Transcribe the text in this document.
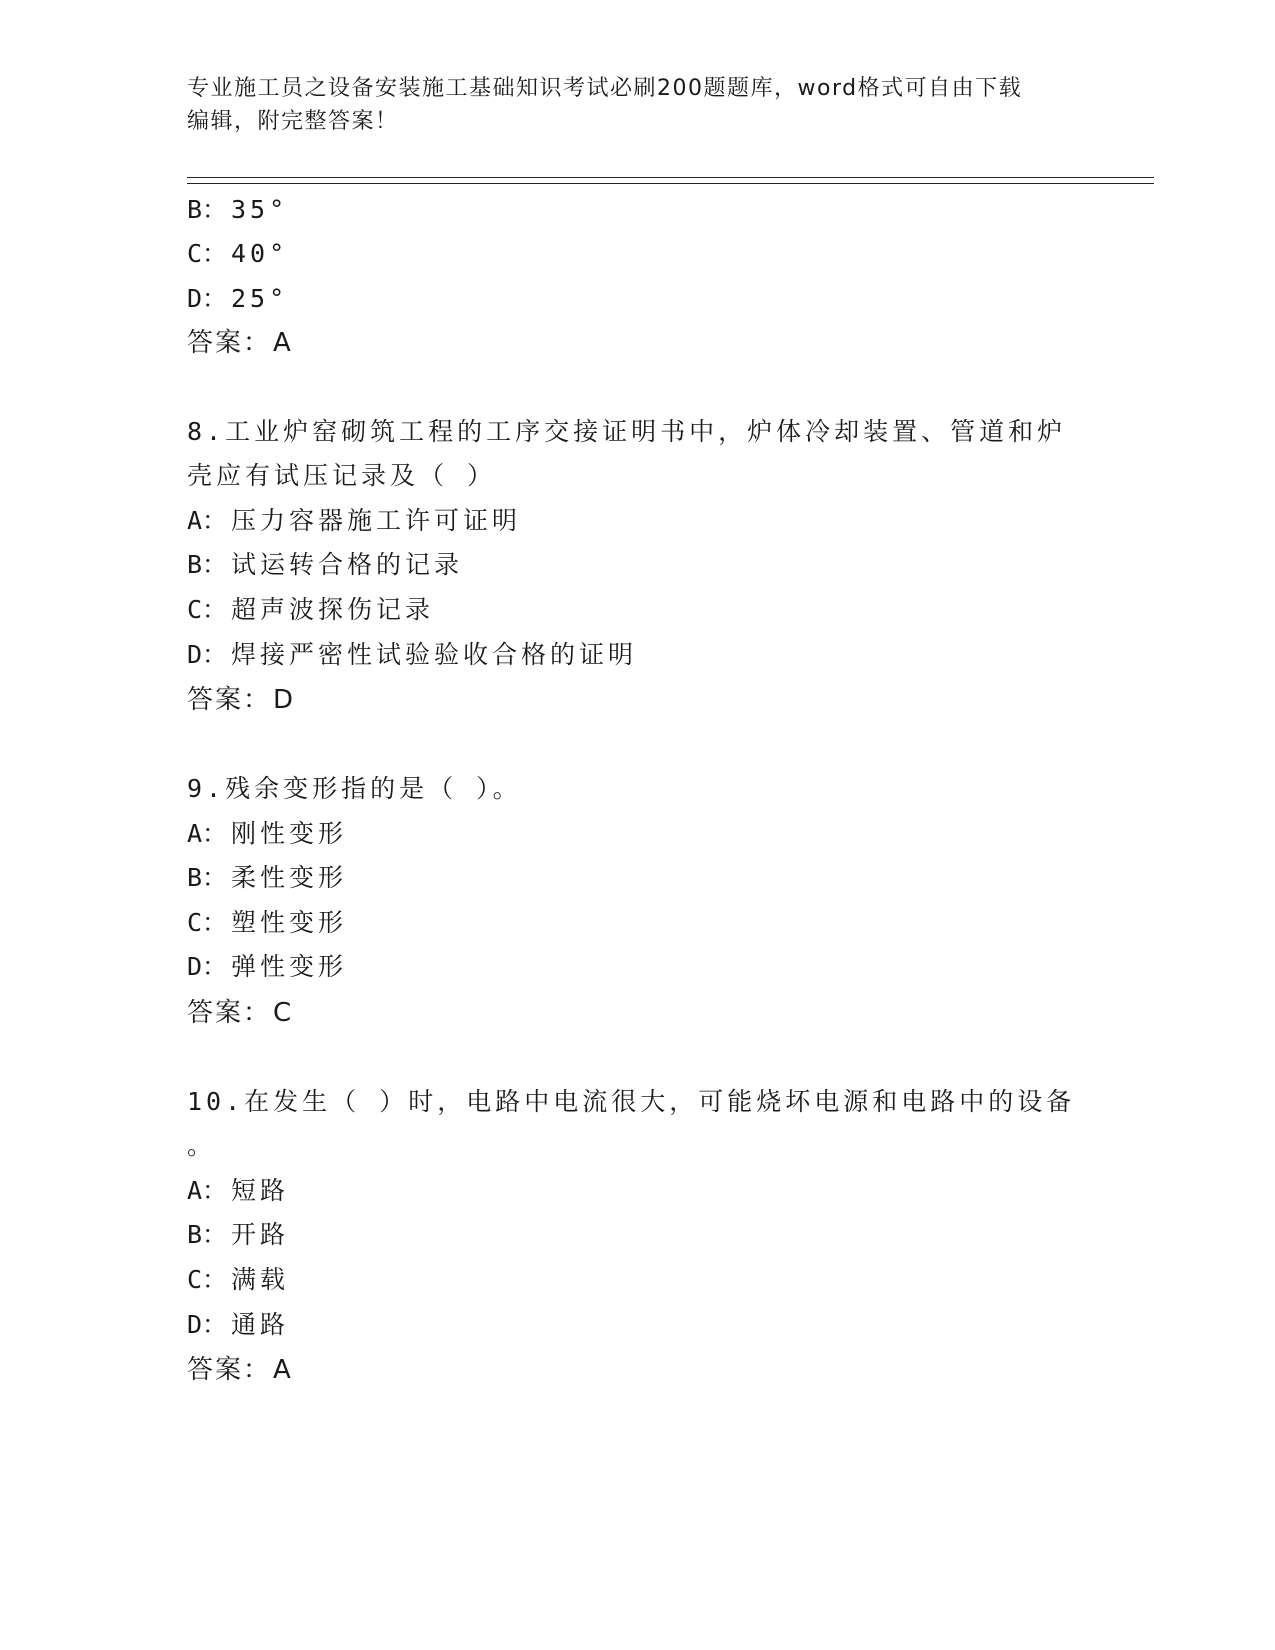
专业施工员之设备安装施工基础知识考试必刷200题题库，word格式可自由下载
编辑，附完整答案！
B： 35°
C： 40°
D： 25°
答案：A
8.工业炉窑砌筑工程的工序交接证明书中，炉体冷却装置、管道和炉
壳应有试压记录及（ ）
A： 压力容器施工许可证明
B： 试运转合格的记录
C： 超声波探伤记录
D： 焊接严密性试验验收合格的证明
答案：D
9.残余变形指的是（ ）。
A： 刚性变形
B： 柔性变形
C： 塑性变形
D： 弹性变形
答案：C
10.在发生（ ）时，电路中电流很大，可能烧坏电源和电路中的设备
。
A： 短路
B： 开路
C： 满载
D： 通路
答案：A
